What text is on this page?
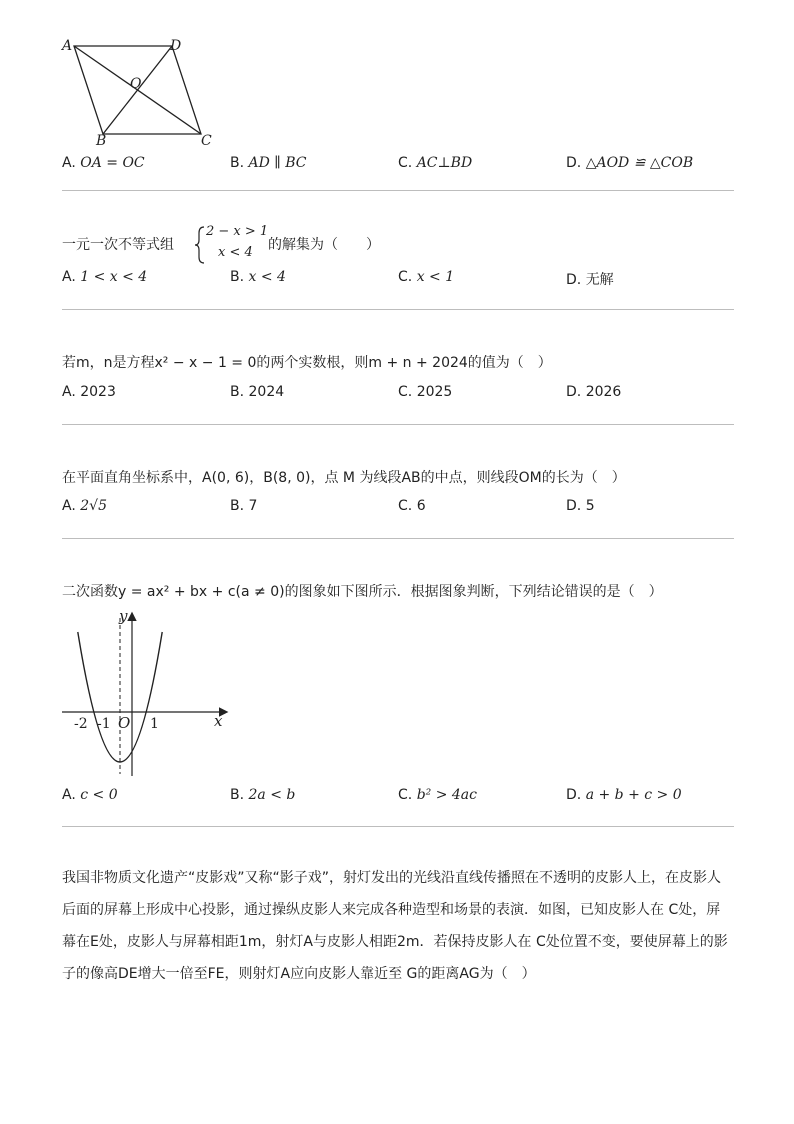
A	D
O
B	C
A. OA = OC	B. AD ∥ BC	C. AC⊥BD	D. △AOD ≌ △COB
一元一次不等式组
2 − x > 1
x < 4 的解集为（　　）
A. 1 < x < 4	B. x < 4	C. x < 1	D. 无解
若m，n是方程x² − x − 1 = 0的两个实数根，则m + n + 2024的值为（　）
A. 2023	B. 2024	C. 2025	D. 2026
在平面直角坐标系中，A(0, 6)，B(8, 0)，点 M 为线段AB的中点，则线段OM的长为（　）
A. 2√5	B. 7	C. 6	D. 5
二次函数y = ax² + bx + c(a ≠ 0)的图象如下图所示．根据图象判断，下列结论错误的是（　）
y
x
O
-2 -1	1
A. c < 0	B. 2a < b	C. b² > 4ac	D. a + b + c > 0
我国非物质文化遗产“皮影戏”又称“影子戏”，射灯发出的光线沿直线传播照在不透明的皮影人上，在皮影人后面的屏幕上形成中心投影，通过操纵皮影人来完成各种造型和场景的表演．如图，已知皮影人在 C处，屏幕在E处，皮影人与屏幕相距1m，射灯A与皮影人相距2m．若保持皮影人在 C处位置不变，要使屏幕上的影子的像高DE增大一倍至FE，则射灯A应向皮影人靠近至 G的距离AG为（　）
